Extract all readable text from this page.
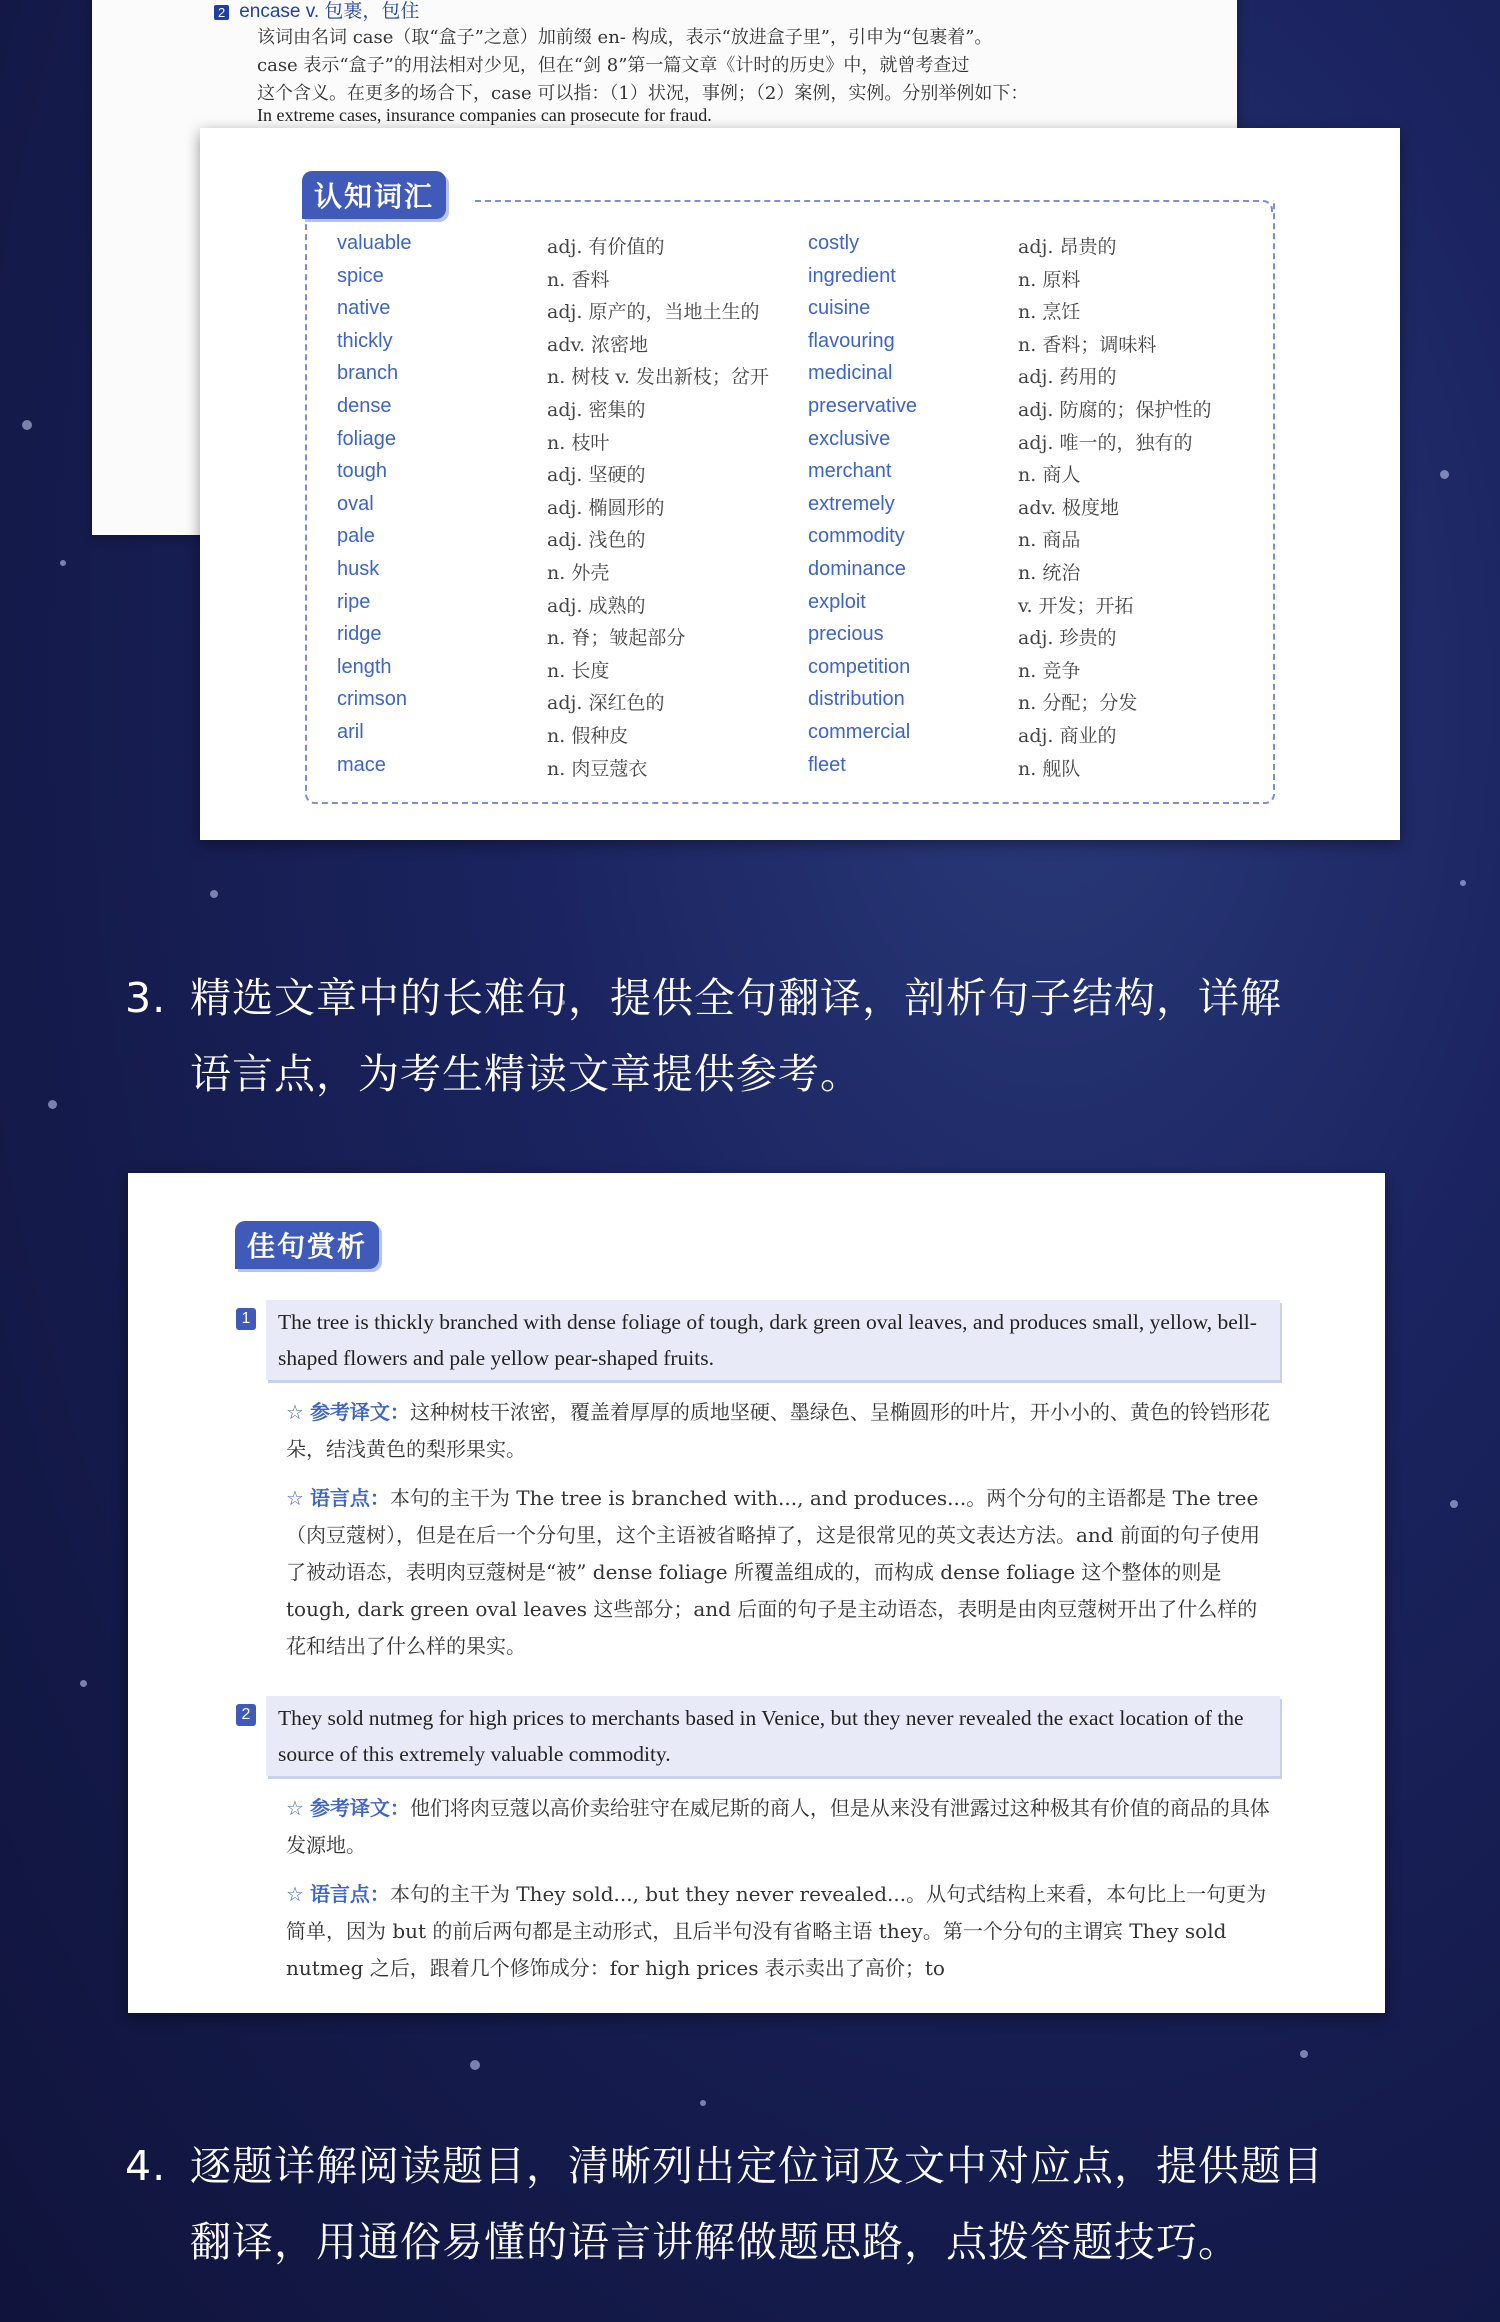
2 encase v. 包裹，包住
该词由名词 case（取“盒子”之意）加前缀 en- 构成，表示“放进盒子里”，引申为“包裹着”。
case 表示“盒子”的用法相对少见，但在“剑 8”第一篇文章《计时的历史》中，就曾考查过
这个含义。在更多的场合下，case 可以指：（1）状况，事例；（2）案例，实例。分别举例如下：
In extreme cases, insurance companies can prosecute for fraud.
认知词汇
valuable	adj. 有价值的
spice	n. 香料
native	adj. 原产的，当地土生的
thickly	adv. 浓密地
branch	n. 树枝 v. 发出新枝；岔开
dense	adj. 密集的
foliage	n. 枝叶
tough	adj. 坚硬的
oval	adj. 椭圆形的
pale	adj. 浅色的
husk	n. 外壳
ripe	adj. 成熟的
ridge	n. 脊；皱起部分
length	n. 长度
crimson	adj. 深红色的
aril	n. 假种皮
mace	n. 肉豆蔻衣
costly	adj. 昂贵的
ingredient	n. 原料
cuisine	n. 烹饪
flavouring	n. 香料；调味料
medicinal	adj. 药用的
preservative	adj. 防腐的；保护性的
exclusive	adj. 唯一的，独有的
merchant	n. 商人
extremely	adv. 极度地
commodity	n. 商品
dominance	n. 统治
exploit	v. 开发；开拓
precious	adj. 珍贵的
competition	n. 竞争
distribution	n. 分配；分发
commercial	adj. 商业的
fleet	n. 舰队
3. 精选文章中的长难句，提供全句翻译，剖析句子结构，详解
语言点，为考生精读文章提供参考。
佳句赏析
1	The tree is thickly branched with dense foliage of tough, dark green oval leaves, and produces small, yellow, bell-shaped flowers and pale yellow pear-shaped fruits.
☆ 参考译文：这种树枝干浓密，覆盖着厚厚的质地坚硬、墨绿色、呈椭圆形的叶片，开小小的、黄色的铃铛形花朵，结浅黄色的梨形果实。
☆ 语言点：本句的主干为 The tree is branched with..., and produces...。两个分句的主语都是 The tree（肉豆蔻树），但是在后一个分句里，这个主语被省略掉了，这是很常见的英文表达方法。and 前面的句子使用了被动语态，表明肉豆蔻树是“被” dense foliage 所覆盖组成的，而构成 dense foliage 这个整体的则是 tough, dark green oval leaves 这些部分；and 后面的句子是主动语态，表明是由肉豆蔻树开出了什么样的花和结出了什么样的果实。
2	They sold nutmeg for high prices to merchants based in Venice, but they never revealed the exact location of the source of this extremely valuable commodity.
☆ 参考译文：他们将肉豆蔻以高价卖给驻守在威尼斯的商人，但是从来没有泄露过这种极其有价值的商品的具体发源地。
☆ 语言点：本句的主干为 They sold..., but they never revealed...。从句式结构上来看，本句比上一句更为简单，因为 but 的前后两句都是主动形式，且后半句没有省略主语 they。第一个分句的主谓宾 They sold nutmeg 之后，跟着几个修饰成分：for high prices 表示卖出了高价；to
4. 逐题详解阅读题目，清晰列出定位词及文中对应点，提供题目
翻译，用通俗易懂的语言讲解做题思路，点拨答题技巧。
